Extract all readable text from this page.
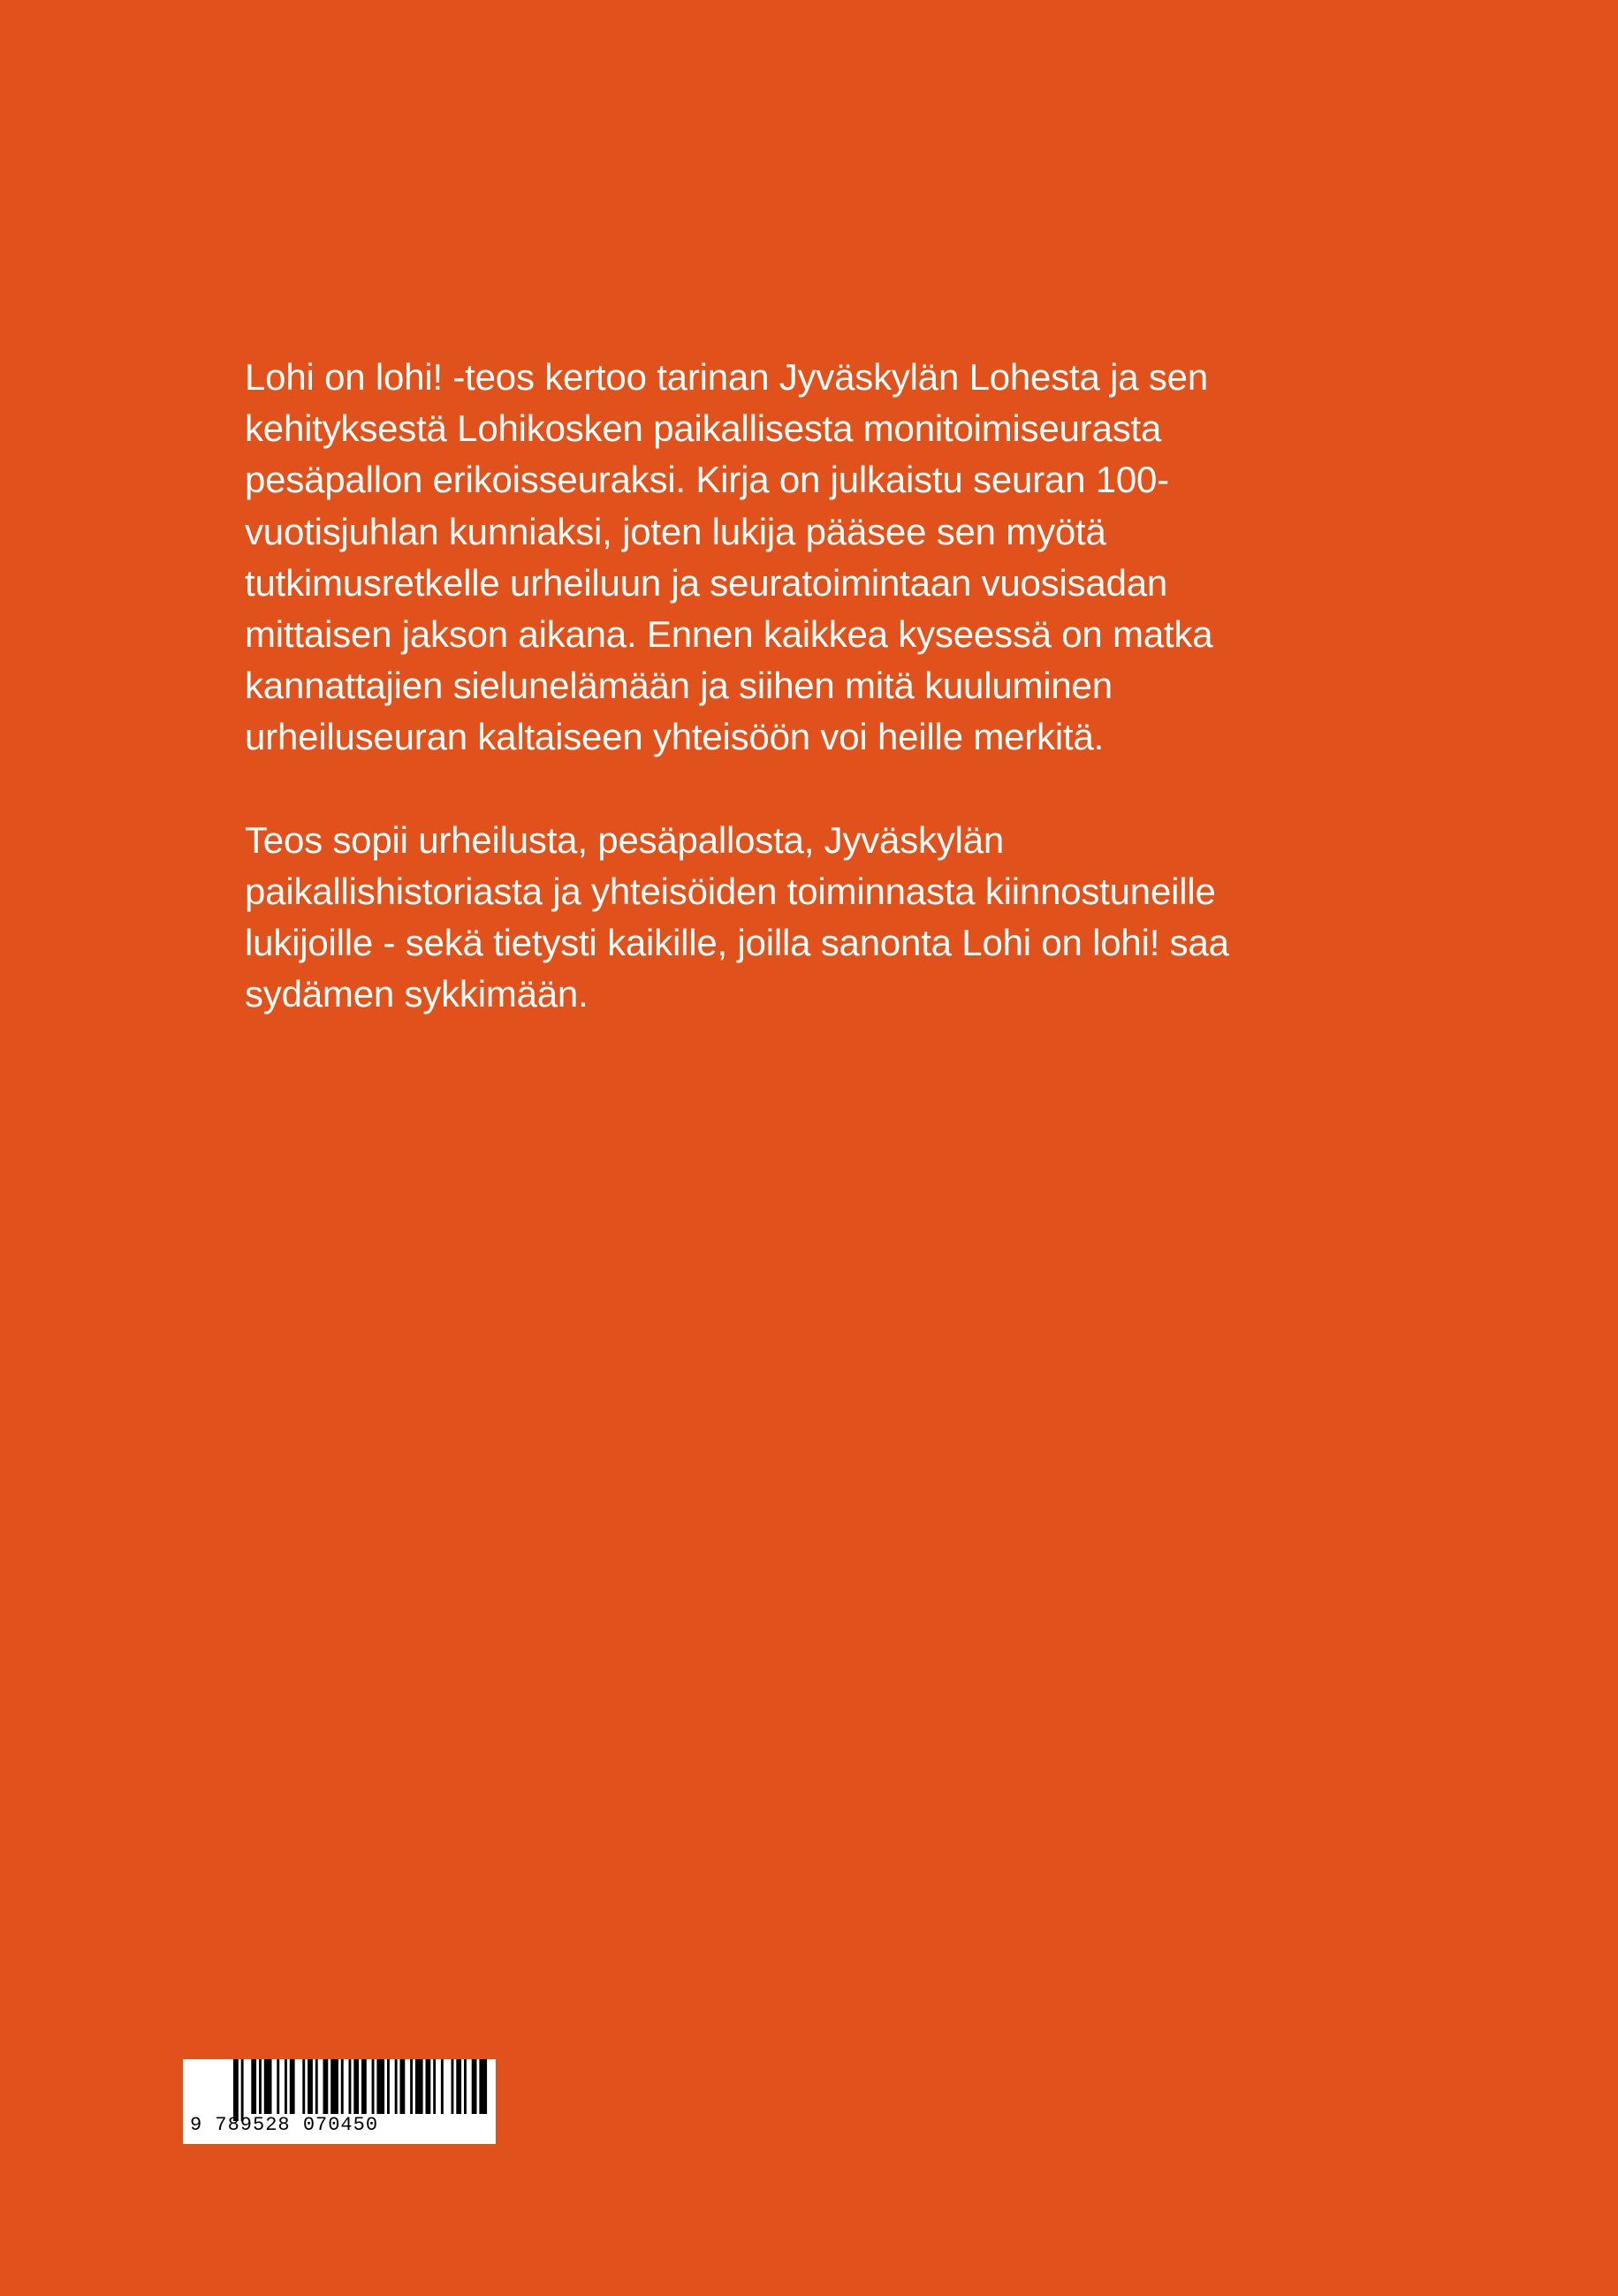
Lohi on lohi! -teos kertoo tarinan Jyväskylän Lohesta ja sen
kehityksestä Lohikosken paikallisesta monitoimiseurasta
pesäpallon erikoisseuraksi. Kirja on julkaistu seuran 100-
vuotisjuhlan kunniaksi, joten lukija pääsee sen myötä
tutkimusretkelle urheiluun ja seuratoimintaan vuosisadan
mittaisen jakson aikana. Ennen kaikkea kyseessä on matka
kannattajien sielunelämään ja siihen mitä kuuluminen
urheiluseuran kaltaiseen yhteisöön voi heille merkitä.

Teos sopii urheilusta, pesäpallosta, Jyväskylän
paikallishistoriasta ja yhteisöiden toiminnasta kiinnostuneille
lukijoille - sekä tietysti kaikille, joilla sanonta Lohi on lohi! saa
sydämen sykkimään.

9 789528 070450
